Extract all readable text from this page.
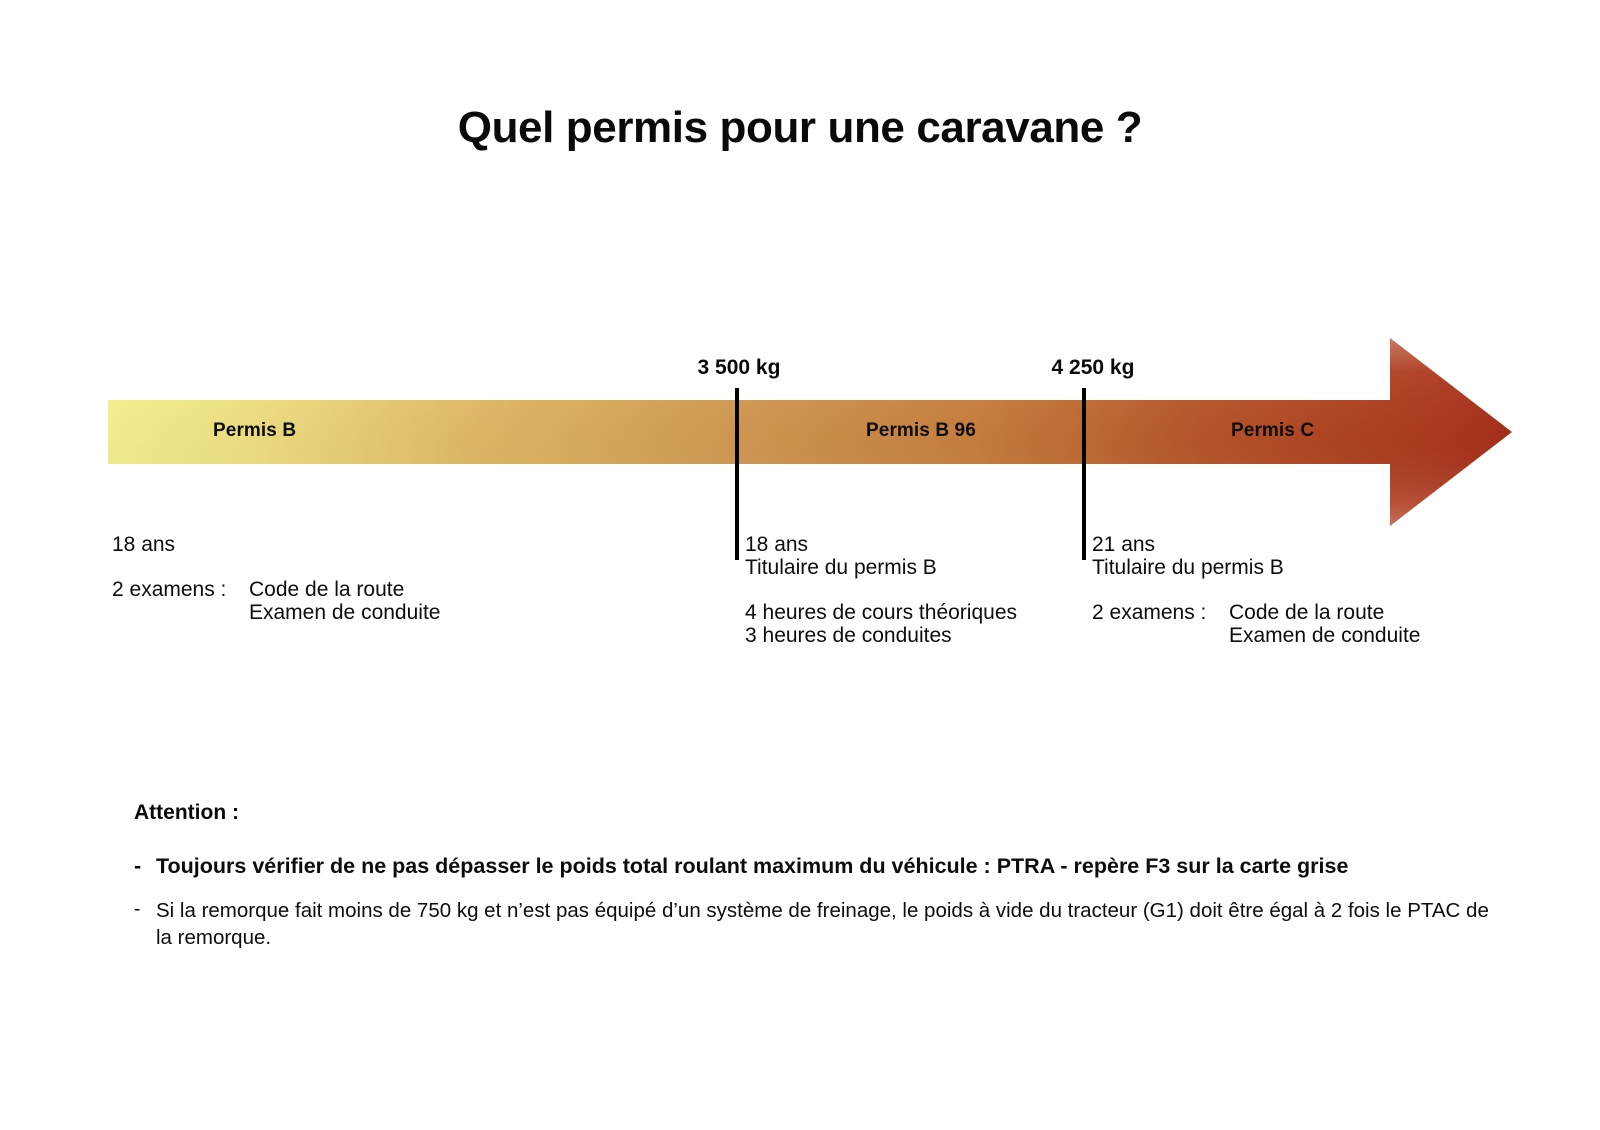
Quel permis pour une caravane ?
Permis B	Permis B 96	Permis C
3 500 kg	4 250 kg
18 ans
2 examens :	Code de la route
Examen de conduite
18 ans
Titulaire du permis B
4 heures de cours théoriques
3 heures de conduites
21 ans
Titulaire du permis B
2 examens :	Code de la route
Examen de conduite
Attention :
- Toujours vérifier de ne pas dépasser le poids total roulant maximum du véhicule : PTRA - repère F3 sur la carte grise
- Si la remorque fait moins de 750 kg et n’est pas équipé d’un système de freinage, le poids à vide du tracteur (G1) doit être égal à 2 fois le PTAC de la remorque.
